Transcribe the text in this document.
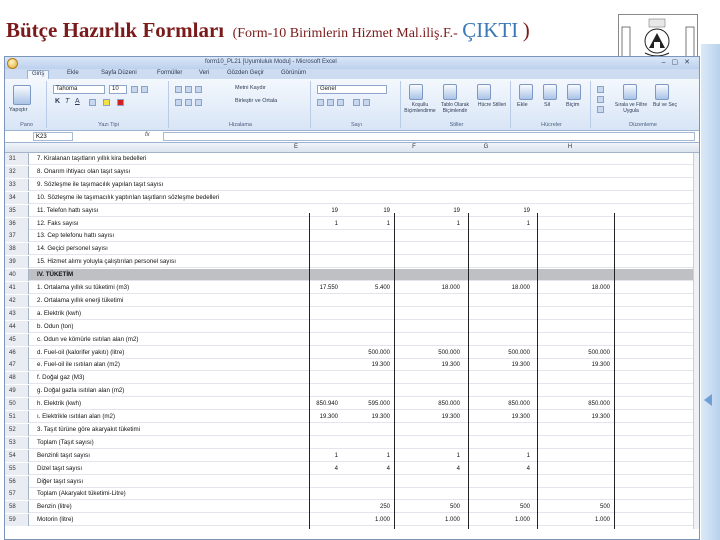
Bütçe Hazırlık Formları (Form-10 Birimlerin Hizmet Mal.iliş.F.- ÇIKTI )
form10_PL21 [Uyumluluk Modu] - Microsoft Excel	–▢✕
Giriş	Ekle	Sayfa Düzeni	Formüller	Veri	Gözden Geçir	Görünüm
Yapıştır
Pano
Tahoma	10
K T A
Yazı Tipi
Metni Kaydır
Birleştir ve Ortala
Hizalama
Genel
Sayı
Koşullu Biçimlendirme
Tablo Olarak Biçimlendir
Hücre Stilleri
Stiller
Ekle	Sil	Biçim
Hücreler
Sırala ve Filtre Uygula
Bul ve Seç
Düzenleme
K23	fx
E	F	G	H
59	Motorin (litre)	1.000	1.000	1.000	1.000
58	Benzin (litre)	250	500	500	500
57	Toplam (Akaryakıt tüketimi-Litre)
56	Diğer taşıt sayısı
55	Dizel taşıt sayısı	4	4	4	4
54	Benzinli taşıt sayısı	1	1	1	1
53	Toplam (Taşıt sayısı)
52	3. Taşıt türüne göre akaryakıt tüketimi
51	ı. Elektrikle ısıtılan alan (m2)	19.300	19.300	19.300	19.300	19.300
50	h. Elektrik (kwh)	850.940	595.000	850.000	850.000	850.000
49	g. Doğal gazla ısıtılan alan (m2)
48	f. Doğal gaz (M3)
47	e. Fuel-oil ile ısıtılan alan (m2)	19.300	19.300	19.300	19.300
46	d. Fuel-oil (kalorifer yakıtı) (litre)	500.000	500.000	500.000	500.000
45	c. Odun ve kömürle ısıtılan alan (m2)
44	b. Odun (ton)
43	a. Elektrik (kwh)
42	2. Ortalama yıllık enerji tüketimi
41	1. Ortalama yıllık su tüketimi (m3)	17.550	5.400	18.000	18.000	18.000
40	IV. TÜKETİM
39	15. Hizmet alımı yoluyla çalıştırılan personel sayısı
38	14. Geçici personel sayısı
37	13. Cep telefonu hattı sayısı
36	12. Faks sayısı	1	1	1	1
35	11. Telefon hattı sayısı	19	19	19	19
34	10. Sözleşme ile taşımacılık yaptırılan taşıtların sözleşme bedelleri
33	9. Sözleşme ile taşımacılık yapılan taşıt sayısı
32	8. Onarım ihtiyacı olan taşıt sayısı
31	7. Kiralanan taşıtların yıllık kira bedelleri
